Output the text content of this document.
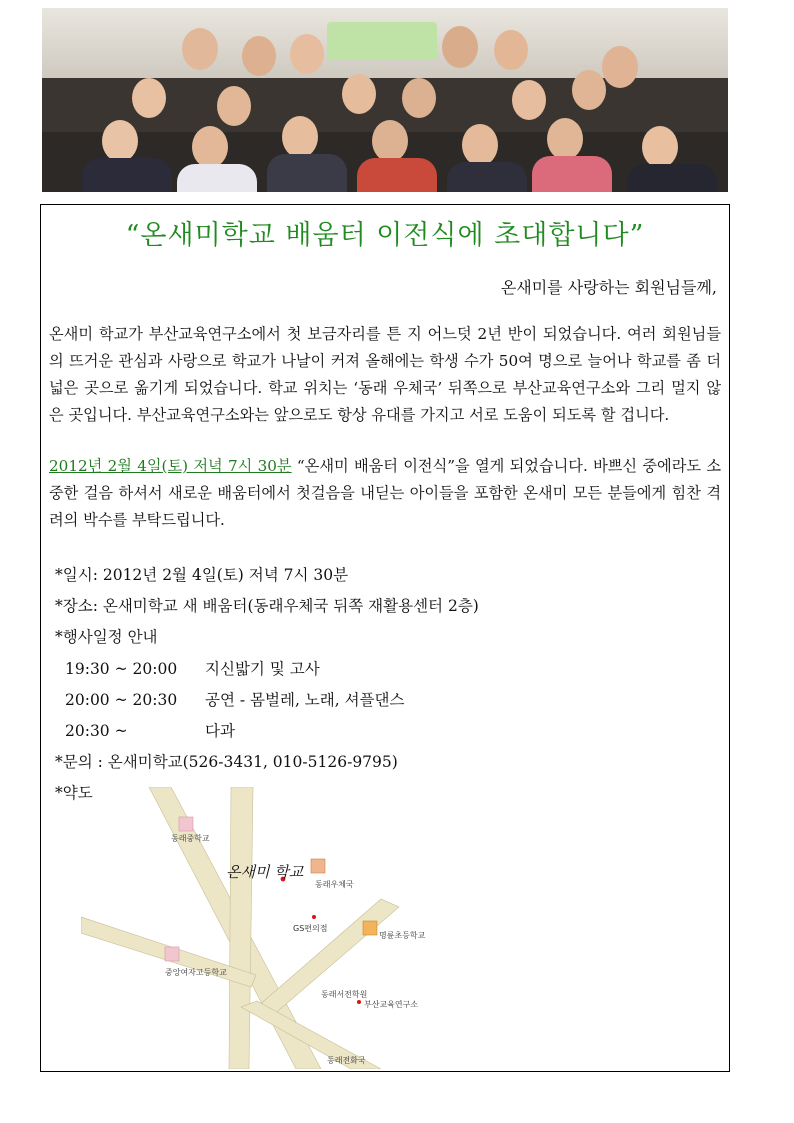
“온새미학교 배움터 이전식에 초대합니다”
온새미를 사랑하는 회원님들께,

온새미 학교가 부산교육연구소에서 첫 보금자리를 튼 지 어느덧 2년 반이 되었습니다. 여러 회원님들의 뜨거운 관심과 사랑으로 학교가 나날이 커져 올해에는 학생 수가 50여 명으로 늘어나 학교를 좀 더 넓은 곳으로 옮기게 되었습니다. 학교 위치는 ‘동래 우체국’ 뒤쪽으로 부산교육연구소와 그리 멀지 않은 곳입니다. 부산교육연구소와는 앞으로도 항상 유대를 가지고 서로 도움이 되도록 할 겁니다.

2012년 2월 4일(토) 저녁 7시 30분 “온새미 배움터 이전식”을 열게 되었습니다. 바쁘신 중에라도 소중한 걸음 하셔서 새로운 배움터에서 첫걸음을 내딛는 아이들을 포함한 온새미 모든 분들에게 힘찬 격려의 박수를 부탁드립니다.

*일시: 2012년 2월 4일(토) 저녁 7시 30분
*장소: 온새미학교 새 배움터(동래우체국 뒤쪽 재활용센터 2층)
*행사일정 안내
19:30 ~ 20:00 지신밟기 및 고사
20:00 ~ 20:30 공연 - 몸벌레, 노래, 셔플댄스
20:30 ~	다과
*문의 : 온새미학교(526-3431, 010-5126-9795)
*약도
동래중학교
온새미 학교
동래우체국
GS편의점
명륜초등학교
중앙여자고등학교
동래서전학원
부산교육연구소
동래전화국
